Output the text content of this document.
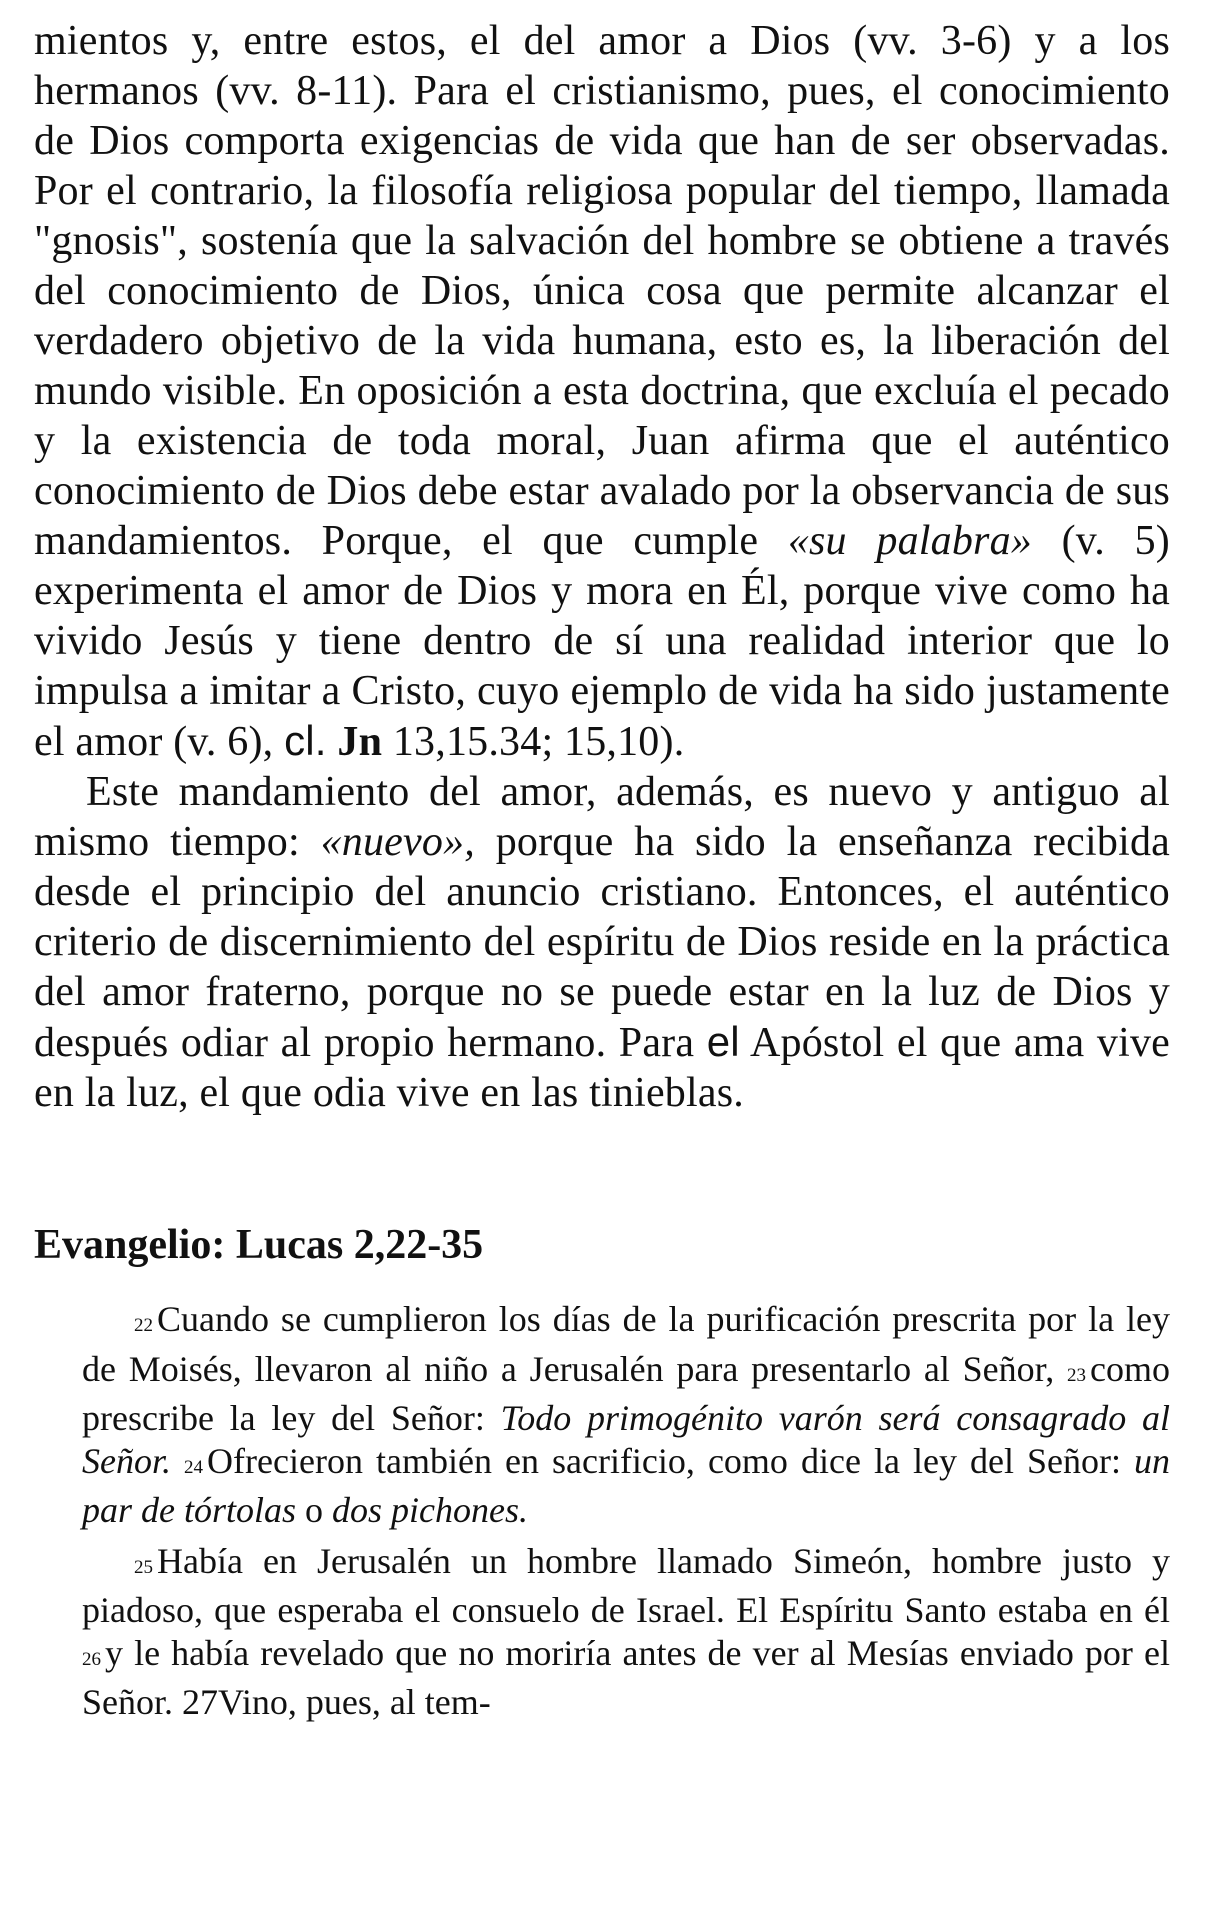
mientos y, entre estos, el del amor a Dios (vv. 3-6) y a los hermanos (vv. 8-11). Para el cristianismo, pues, el conocimiento de Dios comporta exigencias de vida que han de ser observadas. Por el contrario, la filosofía religiosa popular del tiempo, llamada "gnosis", sostenía que la salvación del hombre se obtiene a través del conocimiento de Dios, única cosa que permite alcanzar el verdadero objetivo de la vida humana, esto es, la liberación del mundo visible. En oposición a esta doctrina, que excluía el pecado y la existencia de toda moral, Juan afirma que el auténtico conocimiento de Dios debe estar avalado por la observancia de sus mandamientos. Porque, el que cumple «su palabra» (v. 5) experimenta el amor de Dios y mora en Él, porque vive como ha vivido Jesús y tiene dentro de sí una realidad interior que lo impulsa a imitar a Cristo, cuyo ejemplo de vida ha sido justamente el amor (v. 6), cl. Jn 13,15.34; 15,10).

Este mandamiento del amor, además, es nuevo y antiguo al mismo tiempo: «nuevo», porque ha sido la enseñanza recibida desde el principio del anuncio cristiano. Entonces, el auténtico criterio de discernimiento del espíritu de Dios reside en la práctica del amor fraterno, porque no se puede estar en la luz de Dios y después odiar al propio hermano. Para el Apóstol el que ama vive en la luz, el que odia vive en las tinieblas.

Evangelio: Lucas 2,22-35

22 Cuando se cumplieron los días de la purificación prescrita por la ley de Moisés, llevaron al niño a Jerusalén para presentarlo al Señor, 23 como prescribe la ley del Señor: Todo primogénito varón será consagrado al Señor. 24 Ofrecieron también en sacrificio, como dice la ley del Señor: un par de tórtolas o dos pichones.

25 Había en Jerusalén un hombre llamado Simeón, hombre justo y piadoso, que esperaba el consuelo de Israel. El Espíritu Santo estaba en él 26 y le había revelado que no moriría antes de ver al Mesías enviado por el Señor. 27Vino, pues, al tem-
